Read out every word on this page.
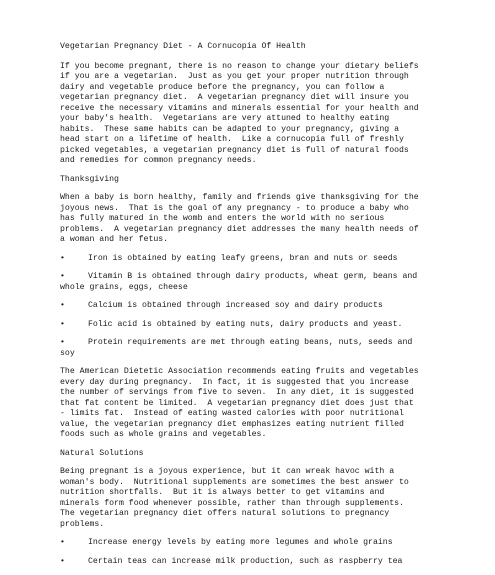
Vegetarian Pregnancy Diet - A Cornucopia Of Health
If you become pregnant, there is no reason to change your dietary beliefs
if you are a vegetarian.  Just as you get your proper nutrition through
dairy and vegetable produce before the pregnancy, you can follow a
vegetarian pregnancy diet.  A vegetarian pregnancy diet will insure you
receive the necessary vitamins and minerals essential for your health and
your baby's health.  Vegetarians are very attuned to healthy eating
habits.  These same habits can be adapted to your pregnancy, giving a
head start on a lifetime of health.  Like a cornucopia full of freshly
picked vegetables, a vegetarian pregnancy diet is full of natural foods
and remedies for common pregnancy needs.
Thanksgiving
When a baby is born healthy, family and friends give thanksgiving for the
joyous news.  That is the goal of any pregnancy - to produce a baby who
has fully matured in the womb and enters the world with no serious
problems.  A vegetarian pregnancy diet addresses the many health needs of
a woman and her fetus.
•	Iron is obtained by eating leafy greens, bran and nuts or seeds
•	Vitamin B is obtained through dairy products, wheat germ, beans and
whole grains, eggs, cheese
•	Calcium is obtained through increased soy and dairy products
•	Folic acid is obtained by eating nuts, dairy products and yeast.
•	Protein requirements are met through eating beans, nuts, seeds and
soy
The American Dietetic Association recommends eating fruits and vegetables
every day during pregnancy.  In fact, it is suggested that you increase
the number of servings from five to seven.  In any diet, it is suggested
that fat content be limited.  A vegetarian pregnancy diet does just that
- limits fat.  Instead of eating wasted calories with poor nutritional
value, the vegetarian pregnancy diet emphasizes eating nutrient filled
foods such as whole grains and vegetables.
Natural Solutions
Being pregnant is a joyous experience, but it can wreak havoc with a
woman's body.  Nutritional supplements are sometimes the best answer to
nutrition shortfalls.  But it is always better to get vitamins and
minerals form food whenever possible, rather than through supplements.
The vegetarian pregnancy diet offers natural solutions to pregnancy
problems.
•	Increase energy levels by eating more legumes and whole grains
•	Certain teas can increase milk production, such as raspberry tea
